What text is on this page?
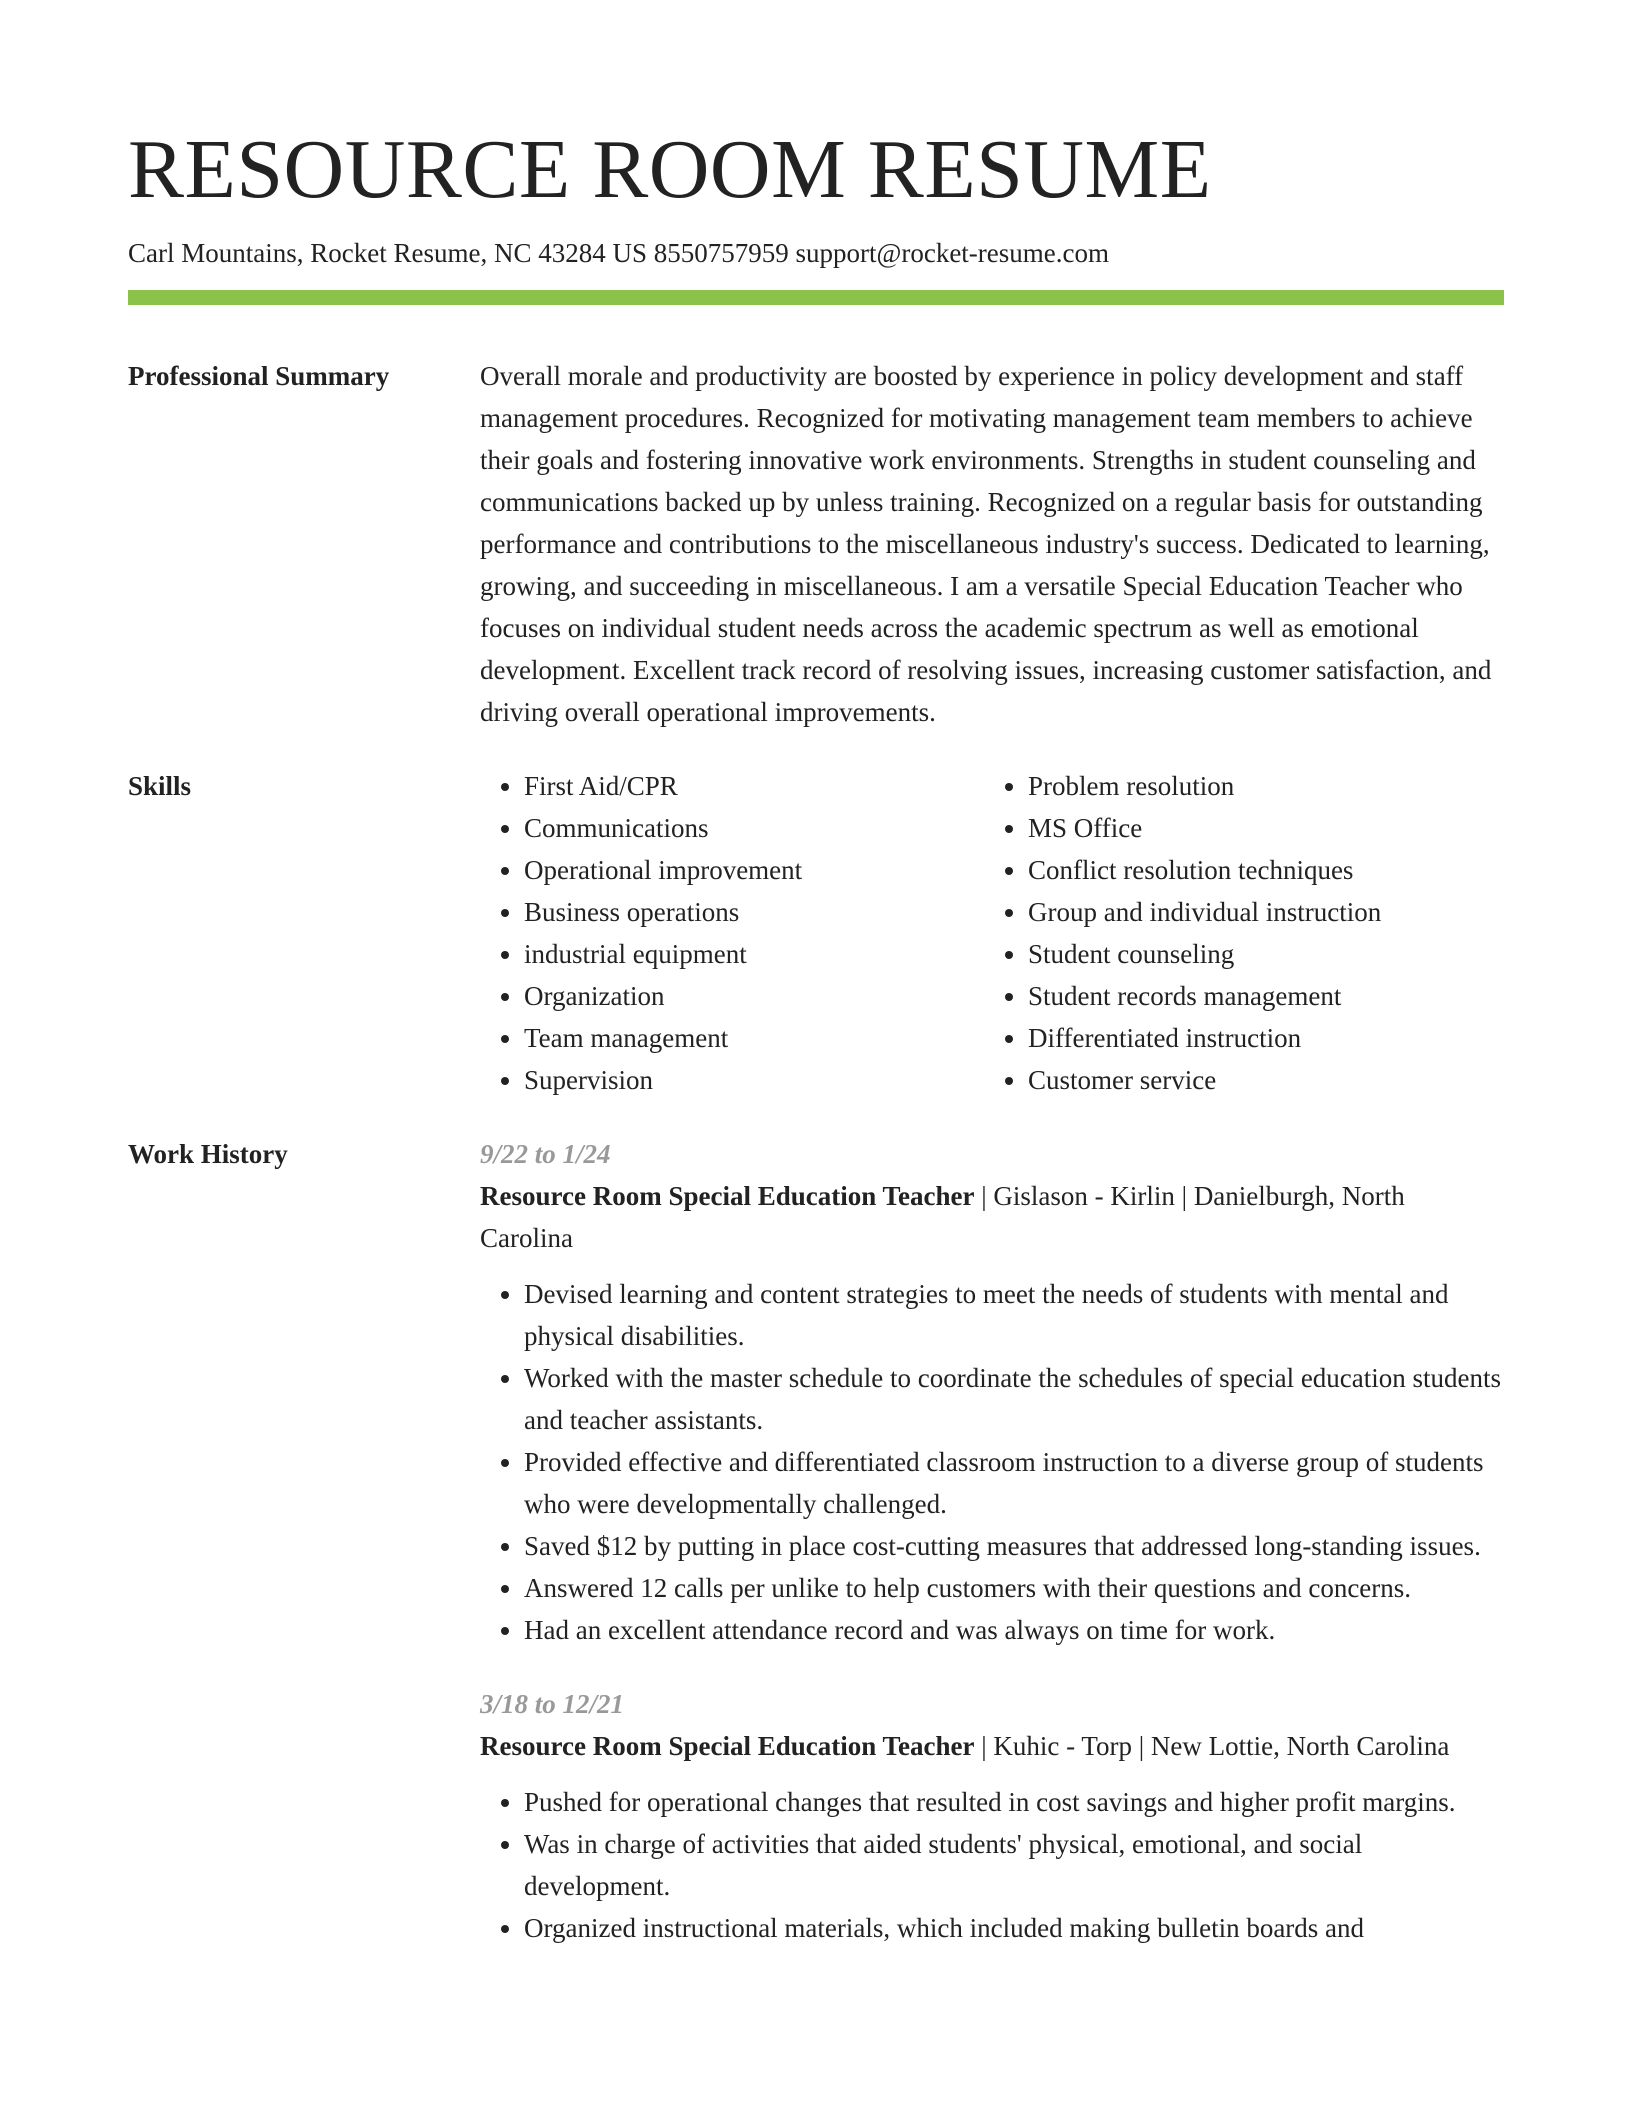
RESOURCE ROOM RESUME
Carl Mountains, Rocket Resume, NC 43284 US 8550757959 support@rocket-resume.com
Professional Summary	Overall morale and productivity are boosted by experience in policy development and staff management procedures. Recognized for motivating management team members to achieve their goals and fostering innovative work environments. Strengths in student counseling and communications backed up by unless training. Recognized on a regular basis for outstanding performance and contributions to the miscellaneous industry's success. Dedicated to learning, growing, and succeeding in miscellaneous. I am a versatile Special Education Teacher who focuses on individual student needs across the academic spectrum as well as emotional development. Excellent track record of resolving issues, increasing customer satisfaction, and driving overall operational improvements.
Skills	• First Aid/CPR
• Communications
• Operational improvement
• Business operations
• industrial equipment
• Organization
• Team management
• Supervision
• Problem resolution
• MS Office
• Conflict resolution techniques
• Group and individual instruction
• Student counseling
• Student records management
• Differentiated instruction
• Customer service
Work History	9/22 to 1/24
Resource Room Special Education Teacher | Gislason - Kirlin | Danielburgh, North Carolina
• Devised learning and content strategies to meet the needs of students with mental and physical disabilities.
• Worked with the master schedule to coordinate the schedules of special education students and teacher assistants.
• Provided effective and differentiated classroom instruction to a diverse group of students who were developmentally challenged.
• Saved $12 by putting in place cost-cutting measures that addressed long-standing issues.
• Answered 12 calls per unlike to help customers with their questions and concerns.
• Had an excellent attendance record and was always on time for work.
3/18 to 12/21
Resource Room Special Education Teacher | Kuhic - Torp | New Lottie, North Carolina
• Pushed for operational changes that resulted in cost savings and higher profit margins.
• Was in charge of activities that aided students' physical, emotional, and social development.
• Organized instructional materials, which included making bulletin boards and
